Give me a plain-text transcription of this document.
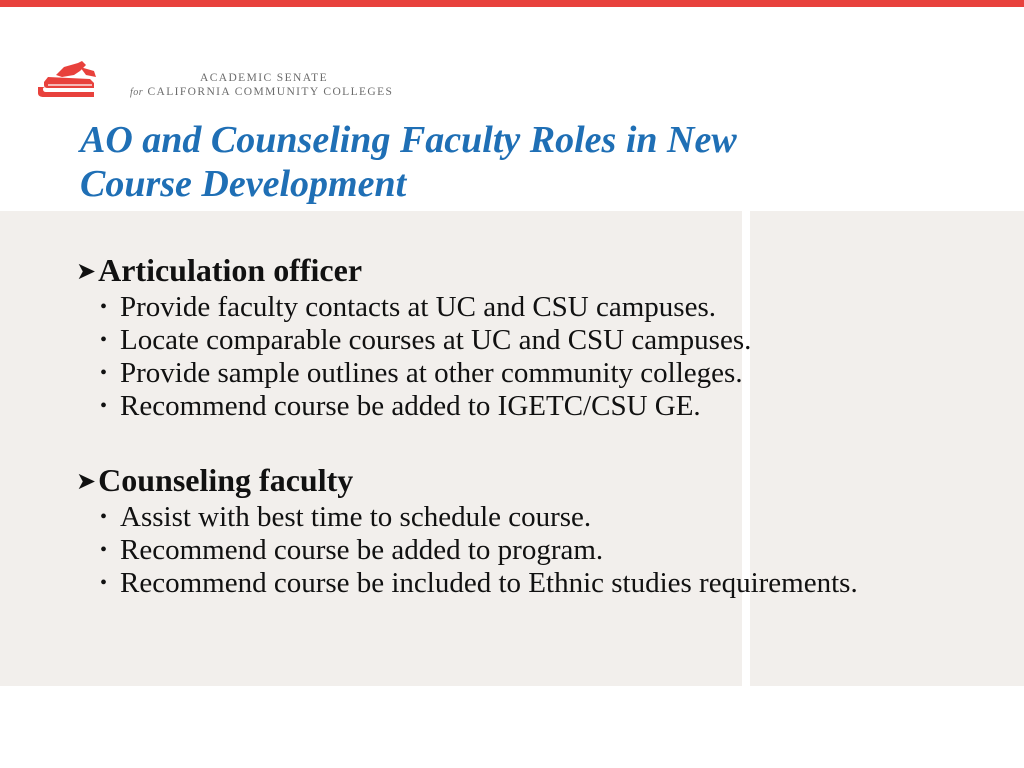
ACADEMIC SENATE
for CALIFORNIA COMMUNITY COLLEGES
AO and Counseling Faculty Roles in New
Course Development
➤ Articulation officer
• Provide faculty contacts at UC and CSU campuses.
• Locate comparable courses at UC and CSU campuses.
• Provide sample outlines at other community colleges.
• Recommend course be added to IGETC/CSU GE.
➤ Counseling faculty
• Assist with best time to schedule course.
• Recommend course be added to program.
• Recommend course be included to Ethnic studies requirements.
